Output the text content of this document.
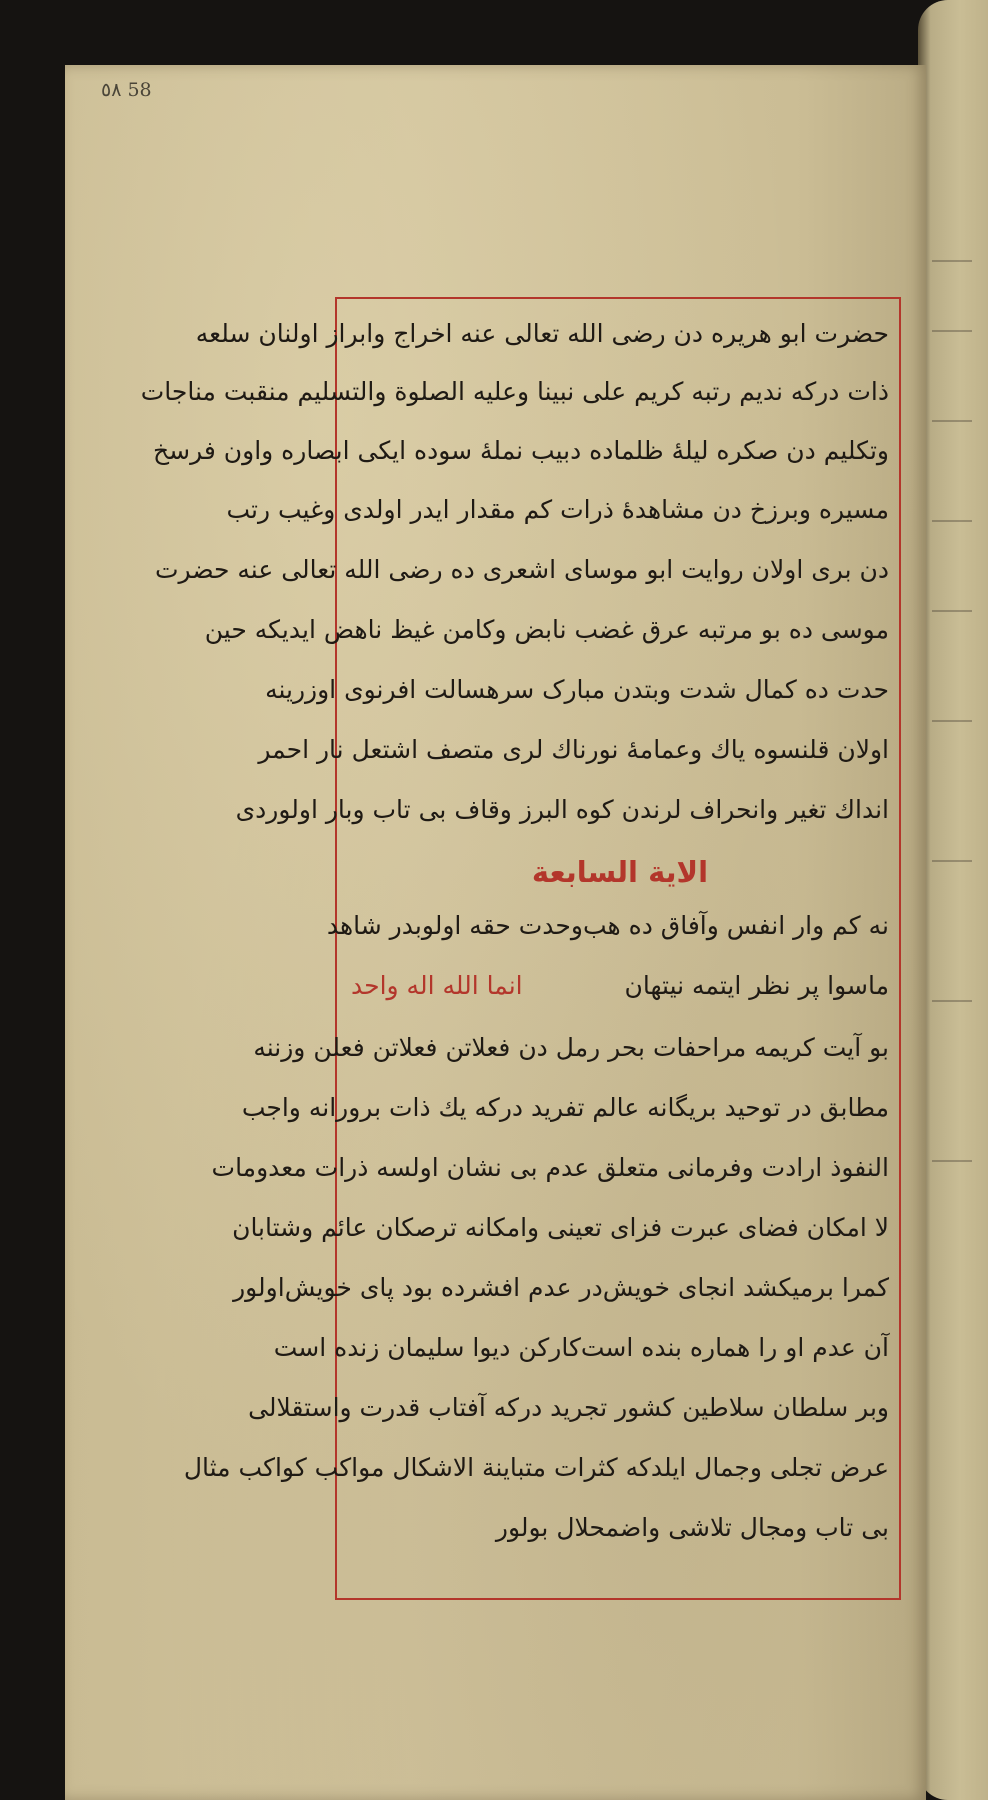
٥٨ 58
حضرت ابو هریره دن رضی الله تعالی عنه اخراج وابراز اولنان سلعه
ذات درکه ندیم رتبه کریم علی نبینا وعلیه الصلوة والتسلیم منقبت مناجات
وتکلیم دن صکره لیلهٔ ظلماده دبیب نملهٔ سوده ایکی ابصاره واون فرسخ
مسیره وبرزخ دن مشاهدهٔ ذرات کم مقدار ایدر اولدی وغیب رتب
دن بری اولان روایت ابو موسای اشعری ده رضی الله تعالی عنه حضرت
موسی ده بو مرتبه عرق غضب نابض وکامن غیظ ناهض ایدیکه حین
حدت ده کمال شدت وبتدن مبارک سرهسالت افرنوی اوزرینه
اولان قلنسوه یاك وعمامهٔ نورناك لری متصف اشتعل نار احمر
انداك تغیر وانحراف لرندن کوه البرز وقاف بی تاب وبار اولوردی
الاية السابعة
نه کم وار انفس وآفاق ده هب
وحدت حقه اولوبدر شاهد
ماسوا پر نظر ایتمه نیتهان
انما الله اله واحد
بو آیت کریمه مراحفات بحر رمل دن فعلاتن فعلاتن فعلن وزننه
مطابق در توحید بریگانه عالم تفرید درکه یك ذات برورانه واجب
النفوذ ارادت وفرمانی متعلق عدم بی نشان اولسه ذرات معدومات
لا امکان فضای عبرت فزای تعینی وامکانه ترصکان عائم وشتابان
کمرا برمیکشد انجای خویش
در عدم افشرده بود پای خویش
اولور
آن عدم او را هماره بنده است
کارکن دیوا سلیمان زنده است
وبر سلطان سلاطین کشور تجرید درکه آفتاب قدرت واستقلالی
عرض تجلی وجمال ایلدکه کثرات متباینة الاشکال مواکب کواکب مثال
بی تاب ومجال تلاشی واضمحلال بولور
